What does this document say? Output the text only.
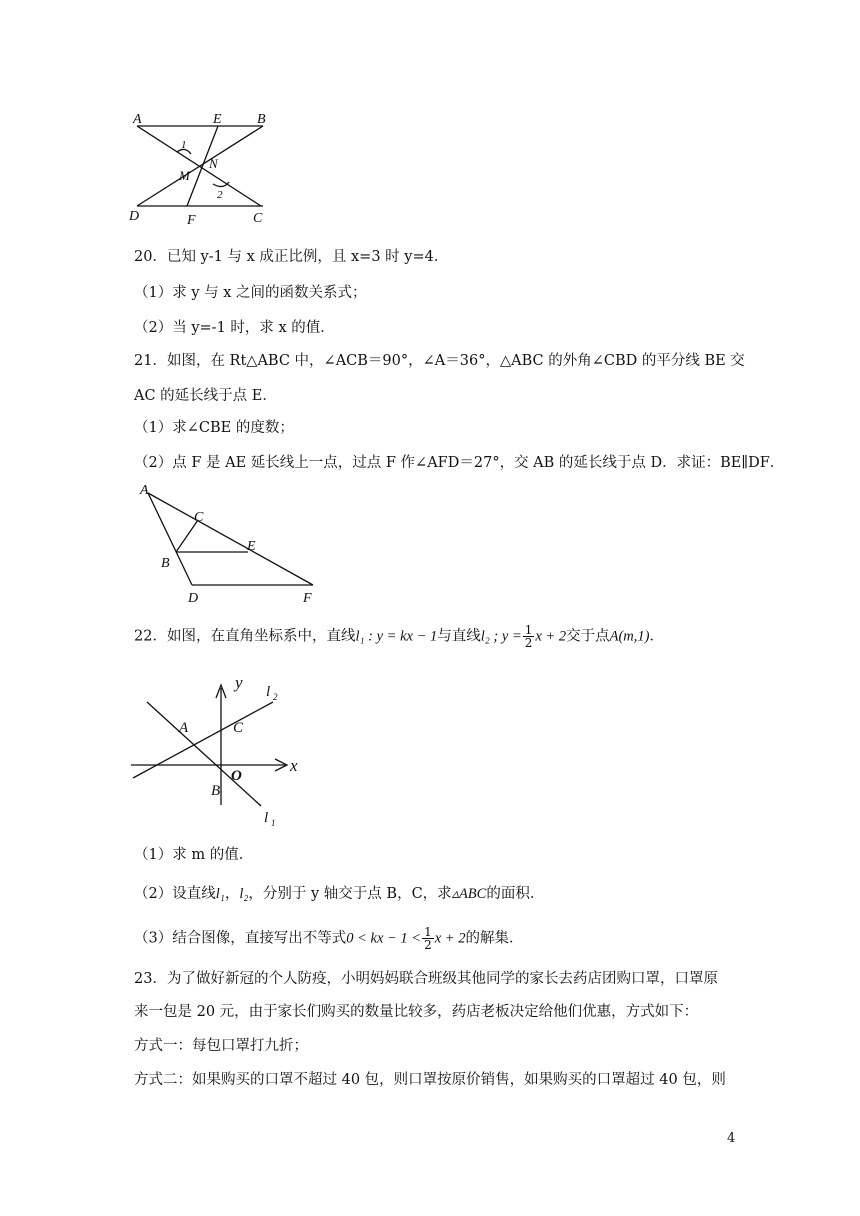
A	E	B
1
N
M
2
D	F	C
20．已知 y-1 与 x 成正比例，且 x=3 时 y=4．
（1）求 y 与 x 之间的函数关系式；
（2）当 y=-1 时，求 x 的值．
21．如图，在 Rt△ABC 中，∠ACB＝90°，∠A＝36°，△ABC 的外角∠CBD 的平分线 BE 交
AC 的延长线于点 E．
（1）求∠CBE 的度数；
（2）点 F 是 AE 延长线上一点，过点 F 作∠AFD＝27°，交 AB 的延长线于点 D．求证：BE∥DF．
A
C
E
B
D	F
22．如图，在直角坐标系中，直线l₁ : y = kx − 1与直线l₂ ; $y = \frac{1}{2}$ x + 2交于点A(m,1)．
y l 2
A	C
O
x
B
l 1
（1）求 m 的值．
（2）设直线l₁，l₂，分别于 y 轴交于点 B，C，求▵ABC的面积．
（3）结合图像，直接写出不等式0 < kx − $1 < \frac{1}{2}$ x + 2的解集．
23．为了做好新冠的个人防疫，小明妈妈联合班级其他同学的家长去药店团购口罩，口罩原
来一包是 20 元，由于家长们购买的数量比较多，药店老板决定给他们优惠，方式如下：
方式一：每包口罩打九折；
方式二：如果购买的口罩不超过 40 包，则口罩按原价销售，如果购买的口罩超过 40 包，则
4
